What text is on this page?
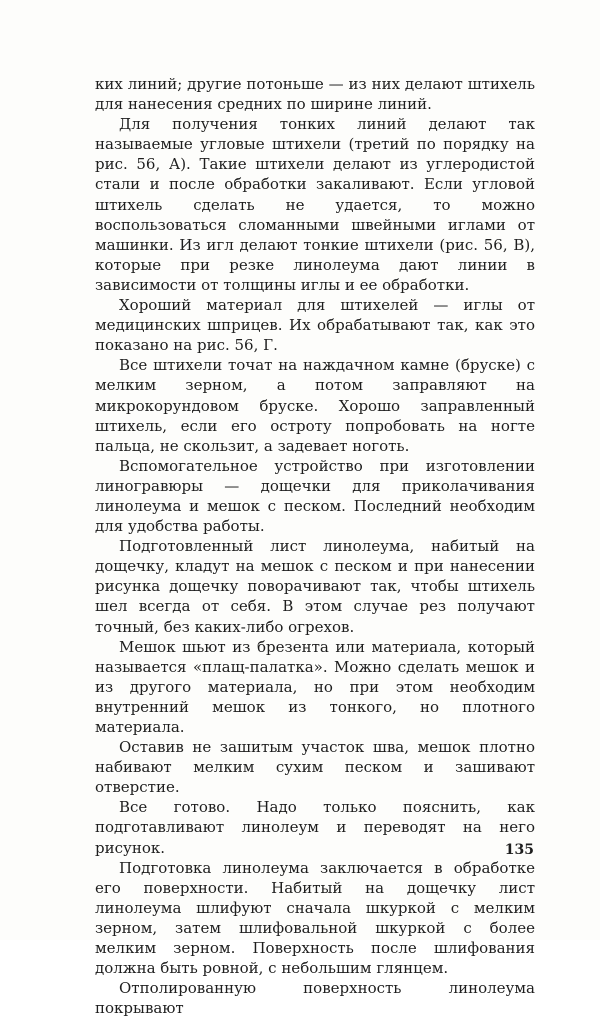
ких линий; другие потоньше — из них делают штихель для нанесения средних по ширине линий.

Для получения тонких линий делают так называемые угловые штихели (третий по порядку на рис. 56, А). Такие штихели делают из углеродистой стали и после обработки закаливают. Если угловой штихель сделать не удается, то можно воспользоваться сломанными швейными иглами от машинки. Из игл делают тонкие штихели (рис. 56, В), которые при резке линолеума дают линии в зависимости от толщины иглы и ее обработки.

Хороший материал для штихелей — иглы от медицинских шприцев. Их обрабатывают так, как это показано на рис. 56, Г.

Все штихели точат на наждачном камне (бруске) с мелким зерном, а потом заправляют на микрокорундовом бруске. Хорошо заправленный штихель, если его остроту попробовать на ногте пальца, не скользит, а задевает ноготь.

Вспомогательное устройство при изготовлении линогравюры — дощечки для приколачивания линолеума и мешок с песком. Последний необходим для удобства работы.

Подготовленный лист линолеума, набитый на дощечку, кладут на мешок с песком и при нанесении рисунка дощечку поворачивают так, чтобы штихель шел всегда от себя. В этом случае рез получают точный, без каких-либо огрехов.

Мешок шьют из брезента или материала, который называется «плащ-палатка». Можно сделать мешок и из другого материала, но при этом необходим внутренний мешок из тонкого, но плотного материала.

Оставив не зашитым участок шва, мешок плотно набивают мелким сухим песком и зашивают отверстие.

Все готово. Надо только пояснить, как подготавливают линолеум и переводят на него рисунок.

Подготовка линолеума заключается в обработке его поверхности. Набитый на дощечку лист линолеума шлифуют сначала шкуркой с мелким зерном, затем шлифовальной шкуркой с более мелким зерном. Поверхность после шлифования должна быть ровной, с небольшим глянцем.

Отполированную поверхность линолеума покрывают

135
